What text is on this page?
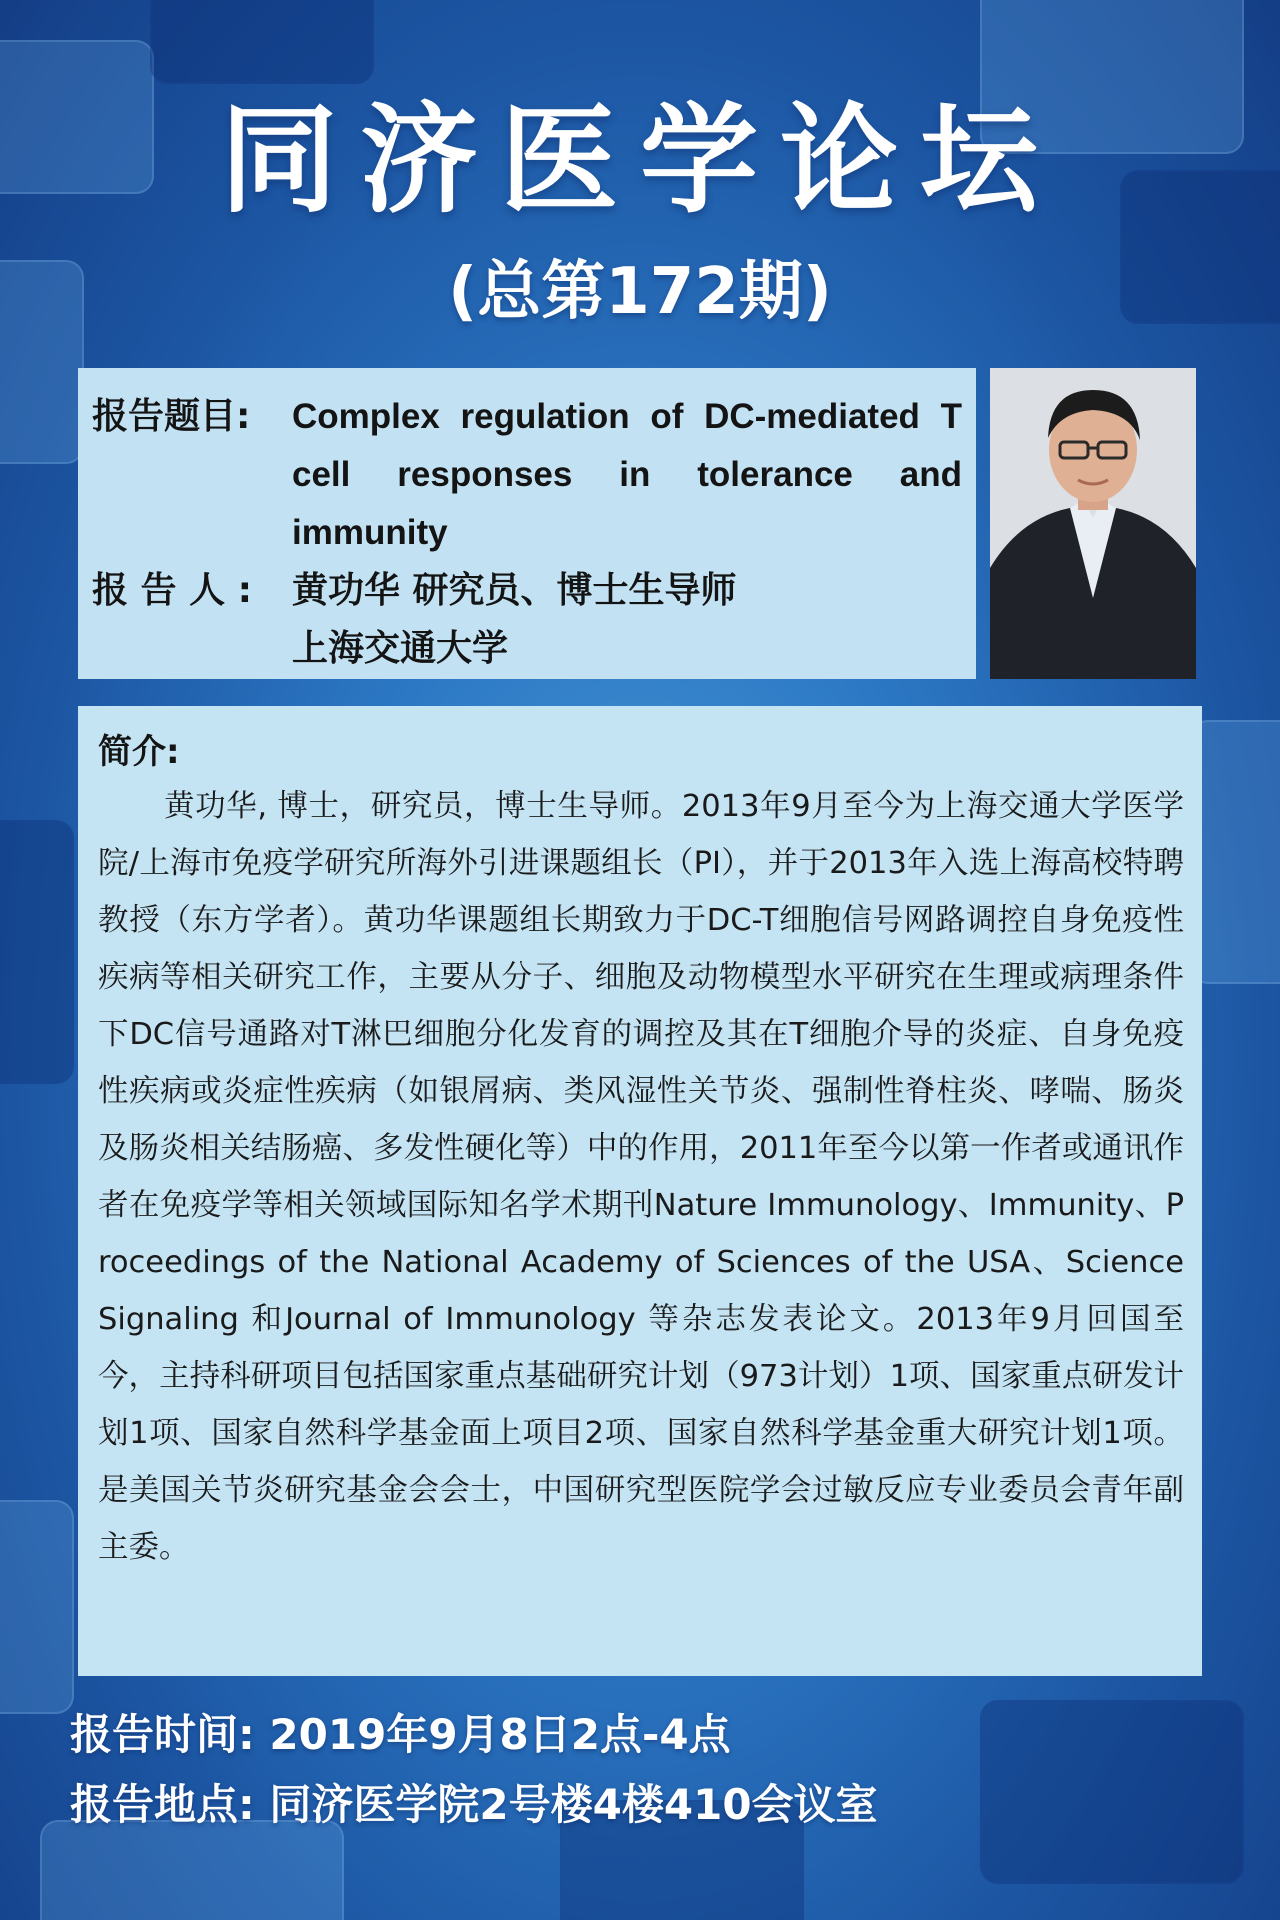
同济医学论坛
(总第172期)
报告题目:	Complex regulation of DC-mediated T cell responses in tolerance and immunity
报 告 人 :	黄功华 研究员、博士生导师
上海交通大学
简介:
黄功华, 博士，研究员，博士生导师。2013年9月至今为上海交通大学医学院/上海市免疫学研究所海外引进课题组长（PI），并于2013年入选上海高校特聘教授（东方学者）。黄功华课题组长期致力于DC-T细胞信号网路调控自身免疫性疾病等相关研究工作，主要从分子、细胞及动物模型水平研究在生理或病理条件下DC信号通路对T淋巴细胞分化发育的调控及其在T细胞介导的炎症、自身免疫性疾病或炎症性疾病（如银屑病、类风湿性关节炎、强制性脊柱炎、哮喘、肠炎及肠炎相关结肠癌、多发性硬化等）中的作用，2011年至今以第一作者或通讯作者在免疫学等相关领域国际知名学术期刊Nature Immunology、Immunity、Proceedings of the National Academy of Sciences of the USA、Science Signaling 和Journal of Immunology 等杂志发表论文。2013年9月回国至今，主持科研项目包括国家重点基础研究计划（973计划）1项、国家重点研发计划1项、国家自然科学基金面上项目2项、国家自然科学基金重大研究计划1项。是美国关节炎研究基金会会士，中国研究型医院学会过敏反应专业委员会青年副主委。
报告时间: 2019年9月8日2点-4点
报告地点: 同济医学院2号楼4楼410会议室
